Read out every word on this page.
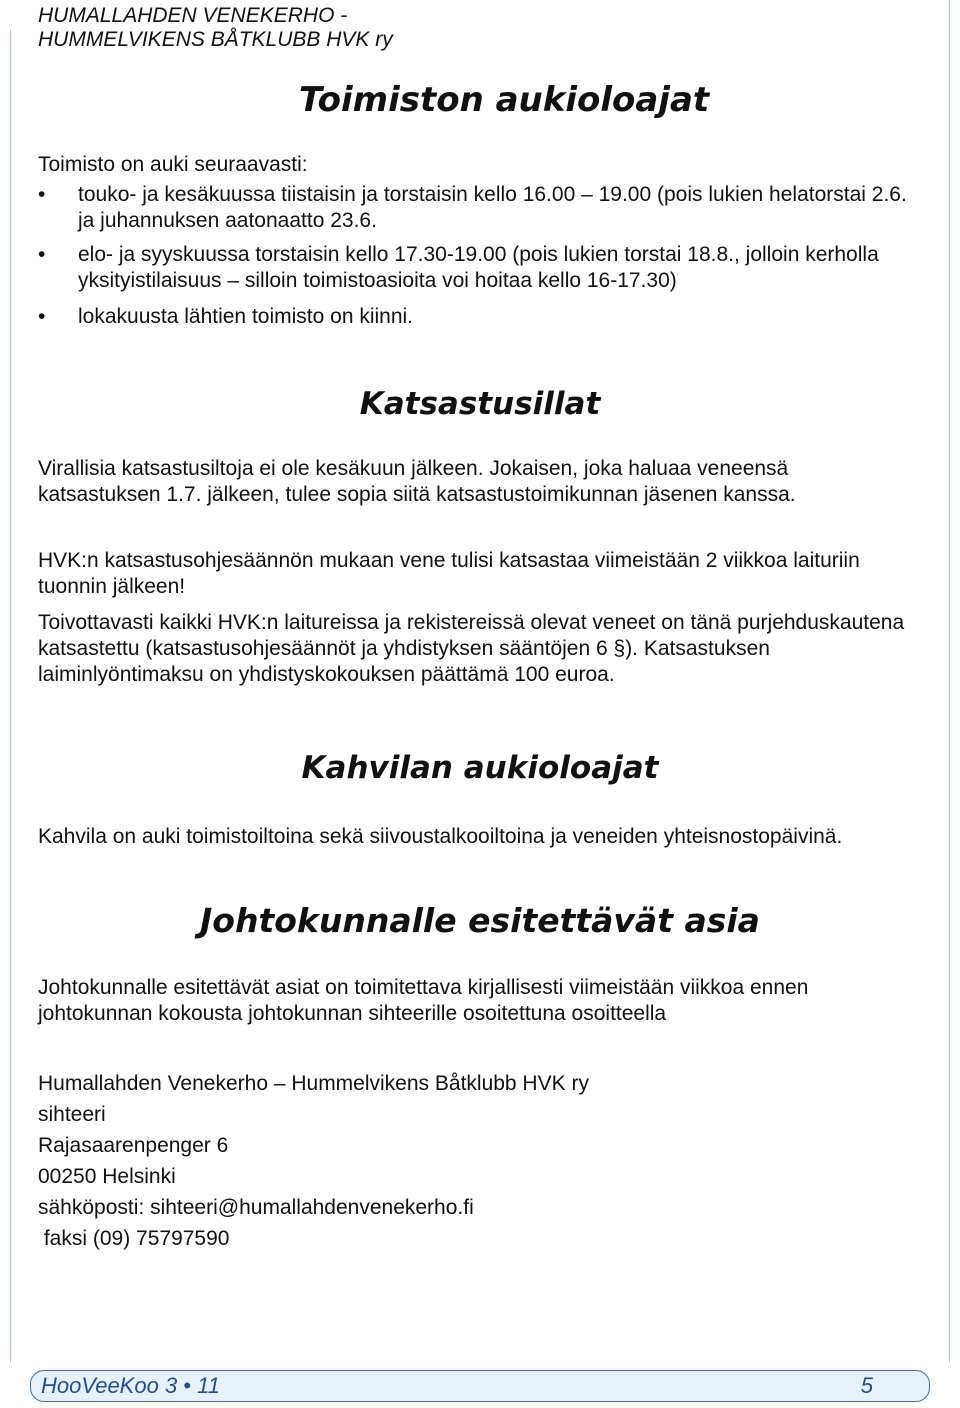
HUMALLAHDEN VENEKERHO -
HUMMELVIKENS BÅTKLUBB HVK ry
Toimiston aukioloajat
Toimisto on auki seuraavasti:
• touko- ja kesäkuussa tiistaisin ja torstaisin kello 16.00 – 19.00 (pois lukien helatorstai 2.6. ja juhannuksen aatonaatto 23.6.
• elo- ja syyskuussa torstaisin kello 17.30-19.00 (pois lukien torstai 18.8., jolloin kerholla yksityistilaisuus – silloin toimistoasioita voi hoitaa kello 16-17.30)
• lokakuusta lähtien toimisto on kiinni.
Katsastusillat
Virallisia katsastusiltoja ei ole kesäkuun jälkeen. Jokaisen, joka haluaa veneensä katsastuksen 1.7. jälkeen, tulee sopia siitä katsastustoimikunnan jäsenen kanssa.
HVK:n katsastusohjesäännön mukaan vene tulisi katsastaa viimeistään 2 viikkoa laituriin tuonnin jälkeen!
Toivottavasti kaikki HVK:n laitureissa ja rekistereissä olevat veneet on tänä purjehduskautena katsastettu (katsastusohjesäännöt ja yhdistyksen sääntöjen 6 §). Katsastuksen laiminlyöntimaksu on yhdistyskokouksen päättämä 100 euroa.
Kahvilan aukioloajat
Kahvila on auki toimistoiltoina sekä siivoustalkooiltoina ja veneiden yhteisnostopäivinä.
Johtokunnalle esitettävät asia
Johtokunnalle esitettävät asiat on toimitettava kirjallisesti viimeistään viikkoa ennen johtokunnan kokousta johtokunnan sihteerille osoitettuna osoitteella
Humallahden Venekerho – Hummelvikens Båtklubb HVK ry
sihteeri
Rajasaarenpenger 6
00250 Helsinki
sähköposti: sihteeri@humallahdenvenekerho.fi
faksi (09) 75797590
HooVeeKoo 3 • 11	5
